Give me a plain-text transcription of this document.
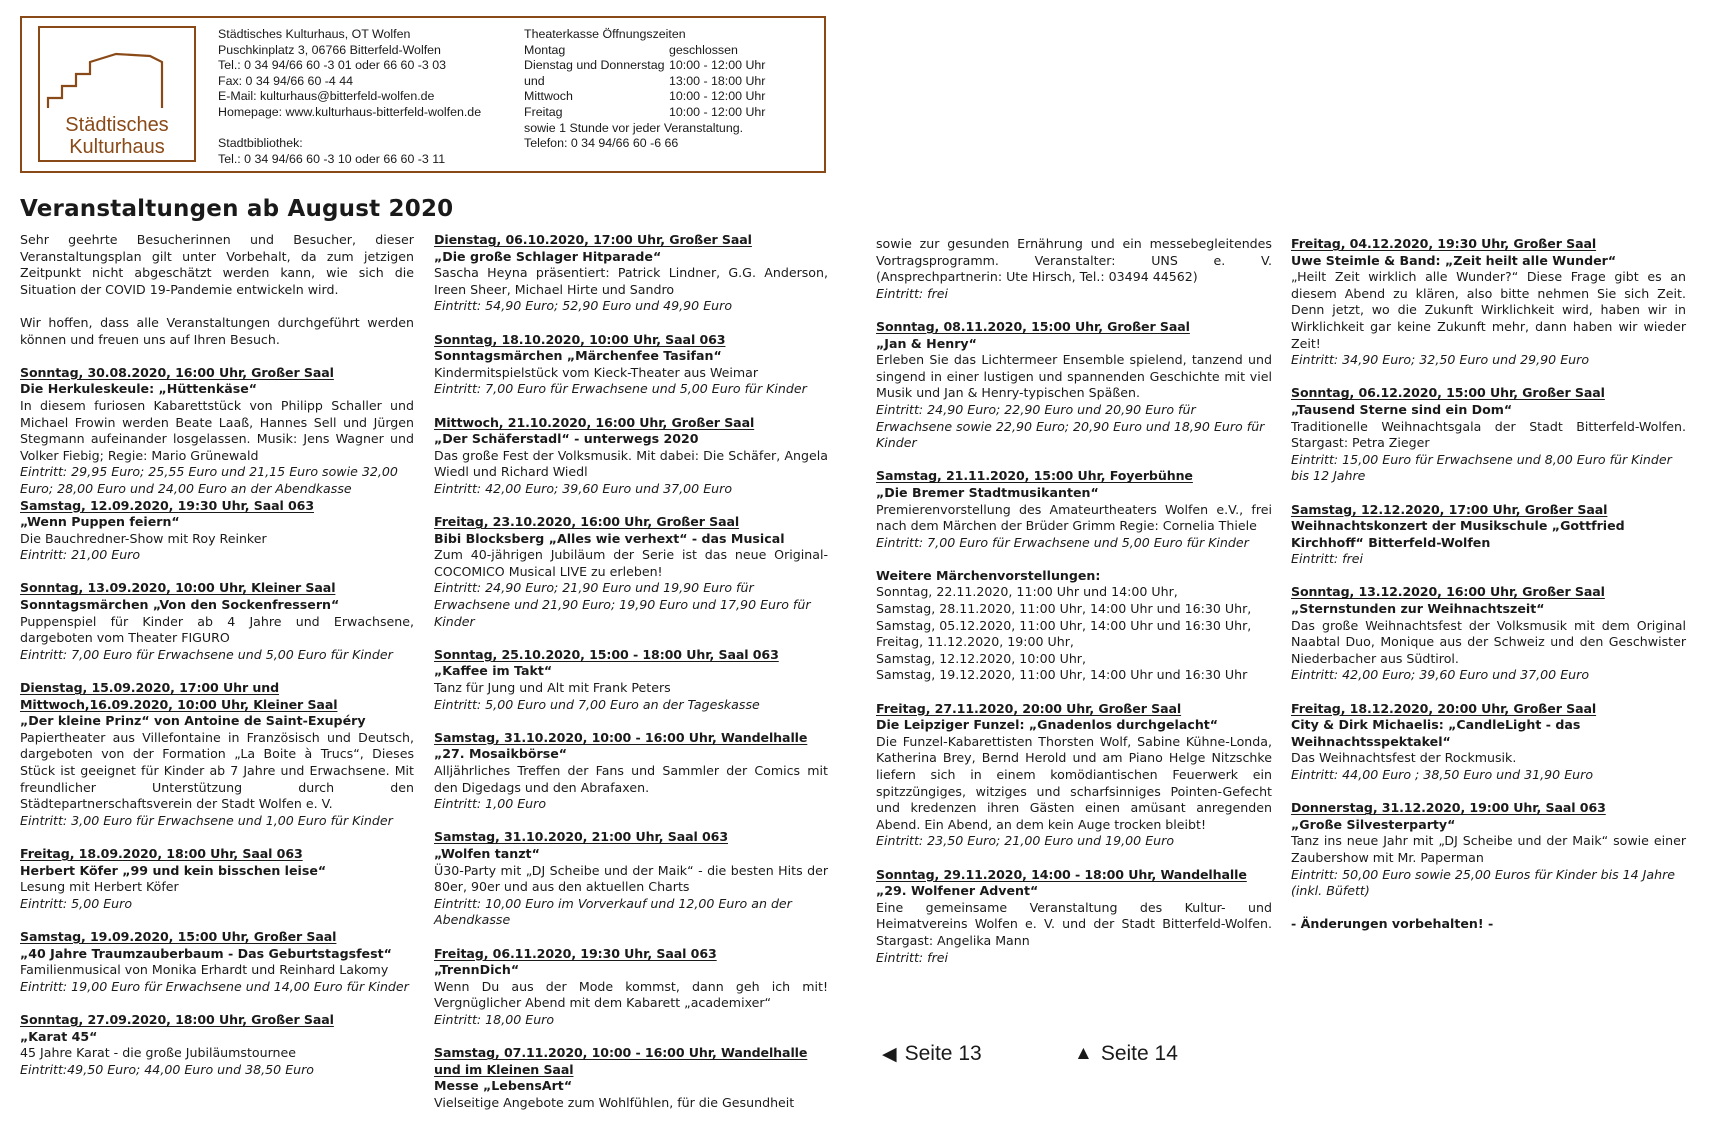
Städtisches
Kulturhaus
Städtisches Kulturhaus, OT Wolfen
Puschkinplatz 3, 06766 Bitterfeld-Wolfen
Tel.: 0 34 94/66 60 -3 01 oder 66 60 -3 03
Fax: 0 34 94/66 60 -4 44
E-Mail: kulturhaus@bitterfeld-wolfen.de
Homepage: www.kulturhaus-bitterfeld-wolfen.de
Stadtbibliothek:
Tel.: 0 34 94/66 60 -3 10 oder 66 60 -3 11
Theaterkasse Öffnungszeiten
Montag	geschlossen
Dienstag und Donnerstag 10:00 - 12:00 Uhr
und	13:00 - 18:00 Uhr
Mittwoch	10:00 - 12:00 Uhr
Freitag	10:00 - 12:00 Uhr
sowie 1 Stunde vor jeder Veranstaltung.
Telefon: 0 34 94/66 60 -6 66
Veranstaltungen ab August 2020

Sehr geehrte Besucherinnen und Besucher, dieser Veranstaltungsplan gilt unter Vorbehalt, da zum jetzigen Zeitpunkt nicht abgeschätzt werden kann, wie sich die Situation der COVID 19-Pandemie entwickeln wird.

Wir hoffen, dass alle Veranstaltungen durchgeführt werden können und freuen uns auf Ihren Besuch.

Sonntag, 30.08.2020, 16:00 Uhr, Großer Saal

Die Herkuleskeule: „Hüttenkäse“

In diesem furiosen Kabarettstück von Philipp Schaller und Michael Frowin werden Beate Laaß, Hannes Sell und Jürgen Stegmann aufeinander losgelassen. Musik: Jens Wagner und Volker Fiebig; Regie: Mario Grünewald

Eintritt: 29,95 Euro; 25,55 Euro und 21,15 Euro sowie 32,00 Euro; 28,00 Euro und 24,00 Euro an der Abendkasse

Samstag, 12.09.2020, 19:30 Uhr, Saal 063

„Wenn Puppen feiern“

Die Bauchredner-Show mit Roy Reinker

Eintritt: 21,00 Euro

Sonntag, 13.09.2020, 10:00 Uhr, Kleiner Saal

Sonntagsmärchen „Von den Sockenfressern“

Puppenspiel für Kinder ab 4 Jahre und Erwachsene, dargeboten vom Theater FIGURO

Eintritt: 7,00 Euro für Erwachsene und 5,00 Euro für Kinder

Dienstag, 15.09.2020, 17:00 Uhr und Mittwoch,16.09.2020, 10:00 Uhr, Kleiner Saal

„Der kleine Prinz“ von Antoine de Saint-Exupéry

Papiertheater aus Villefontaine in Französisch und Deutsch, dargeboten von der Formation „La Boite à Trucs“, Dieses Stück ist geeignet für Kinder ab 7 Jahre und Erwachsene. Mit freundlicher Unterstützung durch den Städtepartnerschaftsverein der Stadt Wolfen e. V.

Eintritt: 3,00 Euro für Erwachsene und 1,00 Euro für Kinder

Freitag, 18.09.2020, 18:00 Uhr, Saal 063

Herbert Köfer „99 und kein bisschen leise“

Lesung mit Herbert Köfer

Eintritt: 5,00 Euro

Samstag, 19.09.2020, 15:00 Uhr, Großer Saal

„40 Jahre Traumzauberbaum - Das Geburtstagsfest“

Familienmusical von Monika Erhardt und Reinhard Lakomy

Eintritt: 19,00 Euro für Erwachsene und 14,00 Euro für Kinder

Sonntag, 27.09.2020, 18:00 Uhr, Großer Saal

„Karat 45“

45 Jahre Karat - die große Jubiläumstournee

Eintritt:49,50 Euro; 44,00 Euro und 38,50 Euro

Dienstag, 06.10.2020, 17:00 Uhr, Großer Saal

„Die große Schlager Hitparade“

Sascha Heyna präsentiert: Patrick Lindner, G.G. Anderson, Ireen Sheer, Michael Hirte und Sandro

Eintritt: 54,90 Euro; 52,90 Euro und 49,90 Euro

Sonntag, 18.10.2020, 10:00 Uhr, Saal 063

Sonntagsmärchen „Märchenfee Tasifan“

Kindermitspielstück vom Kieck-Theater aus Weimar

Eintritt: 7,00 Euro für Erwachsene und 5,00 Euro für Kinder

Mittwoch, 21.10.2020, 16:00 Uhr, Großer Saal

„Der Schäferstadl“ - unterwegs 2020

Das große Fest der Volksmusik. Mit dabei: Die Schäfer, Angela Wiedl und Richard Wiedl

Eintritt: 42,00 Euro; 39,60 Euro und 37,00 Euro

Freitag, 23.10.2020, 16:00 Uhr, Großer Saal

Bibi Blocksberg „Alles wie verhext“ - das Musical

Zum 40-jährigen Jubiläum der Serie ist das neue Original-COCOMICO Musical LIVE zu erleben!

Eintritt: 24,90 Euro; 21,90 Euro und 19,90 Euro für Erwachsene und 21,90 Euro; 19,90 Euro und 17,90 Euro für Kinder

Sonntag, 25.10.2020, 15:00 - 18:00 Uhr, Saal 063

„Kaffee im Takt“

Tanz für Jung und Alt mit Frank Peters

Eintritt: 5,00 Euro und 7,00 Euro an der Tageskasse

Samstag, 31.10.2020, 10:00 - 16:00 Uhr, Wandelhalle

„27. Mosaikbörse“

Alljährliches Treffen der Fans und Sammler der Comics mit den Digedags und den Abrafaxen.

Eintritt: 1,00 Euro

Samstag, 31.10.2020, 21:00 Uhr, Saal 063

„Wolfen tanzt“

Ü30-Party mit „DJ Scheibe und der Maik“ - die besten Hits der 80er, 90er und aus den aktuellen Charts

Eintritt: 10,00 Euro im Vorverkauf und 12,00 Euro an der Abendkasse

Freitag, 06.11.2020, 19:30 Uhr, Saal 063

„TrennDich“

Wenn Du aus der Mode kommst, dann geh ich mit! Vergnüglicher Abend mit dem Kabarett „academixer“

Eintritt: 18,00 Euro

Samstag, 07.11.2020, 10:00 - 16:00 Uhr, Wandelhalle und im Kleinen Saal

Messe „LebensArt“

Vielseitige Angebote zum Wohlfühlen, für die Gesundheit

sowie zur gesunden Ernährung und ein messebegleitendes Vortragsprogramm. Veranstalter: UNS e. V. (Ansprechpartnerin: Ute Hirsch, Tel.: 03494 44562)

Eintritt: frei

Sonntag, 08.11.2020, 15:00 Uhr, Großer Saal

„Jan & Henry“

Erleben Sie das Lichtermeer Ensemble spielend, tanzend und singend in einer lustigen und spannenden Geschichte mit viel Musik und Jan & Henry-typischen Späßen.

Eintritt: 24,90 Euro; 22,90 Euro und 20,90 Euro für Erwachsene sowie 22,90 Euro; 20,90 Euro und 18,90 Euro für Kinder

Samstag, 21.11.2020, 15:00 Uhr, Foyerbühne

„Die Bremer Stadtmusikanten“

Premierenvorstellung des Amateurtheaters Wolfen e.V., frei nach dem Märchen der Brüder Grimm Regie: Cornelia Thiele

Eintritt: 7,00 Euro für Erwachsene und 5,00 Euro für Kinder

Weitere Märchenvorstellungen:

Sonntag, 22.11.2020, 11:00 Uhr und 14:00 Uhr,

Samstag, 28.11.2020, 11:00 Uhr, 14:00 Uhr und 16:30 Uhr,

Samstag, 05.12.2020, 11:00 Uhr, 14:00 Uhr und 16:30 Uhr,

Freitag, 11.12.2020, 19:00 Uhr,

Samstag, 12.12.2020, 10:00 Uhr,

Samstag, 19.12.2020, 11:00 Uhr, 14:00 Uhr und 16:30 Uhr

Freitag, 27.11.2020, 20:00 Uhr, Großer Saal

Die Leipziger Funzel: „Gnadenlos durchgelacht“

Die Funzel-Kabarettisten Thorsten Wolf, Sabine Kühne-Londa, Katherina Brey, Bernd Herold und am Piano Helge Nitzschke liefern sich in einem komödiantischen Feuerwerk ein spitzzüngiges, witziges und scharfsinniges Pointen-Gefecht und kredenzen ihren Gästen einen amüsant anregenden Abend. Ein Abend, an dem kein Auge trocken bleibt!

Eintritt: 23,50 Euro; 21,00 Euro und 19,00 Euro

Sonntag, 29.11.2020, 14:00 - 18:00 Uhr, Wandelhalle

„29. Wolfener Advent“

Eine gemeinsame Veranstaltung des Kultur- und Heimatvereins Wolfen e. V. und der Stadt Bitterfeld-Wolfen. Stargast: Angelika Mann

Eintritt: frei

Freitag, 04.12.2020, 19:30 Uhr, Großer Saal

Uwe Steimle & Band: „Zeit heilt alle Wunder“

„Heilt Zeit wirklich alle Wunder?“ Diese Frage gibt es an diesem Abend zu klären, also bitte nehmen Sie sich Zeit. Denn jetzt, wo die Zukunft Wirklichkeit wird, haben wir in Wirklichkeit gar keine Zukunft mehr, dann haben wir wieder Zeit!

Eintritt: 34,90 Euro; 32,50 Euro und 29,90 Euro

Sonntag, 06.12.2020, 15:00 Uhr, Großer Saal

„Tausend Sterne sind ein Dom“

Traditionelle Weihnachtsgala der Stadt Bitterfeld-Wolfen. Stargast: Petra Zieger

Eintritt: 15,00 Euro für Erwachsene und 8,00 Euro für Kinder bis 12 Jahre

Samstag, 12.12.2020, 17:00 Uhr, Großer Saal

Weihnachtskonzert der Musikschule „Gottfried Kirchhoff“ Bitterfeld-Wolfen

Eintritt: frei

Sonntag, 13.12.2020, 16:00 Uhr, Großer Saal

„Sternstunden zur Weihnachtszeit“

Das große Weihnachtsfest der Volksmusik mit dem Original Naabtal Duo, Monique aus der Schweiz und den Geschwister Niederbacher aus Südtirol.

Eintritt: 42,00 Euro; 39,60 Euro und 37,00 Euro

Freitag, 18.12.2020, 20:00 Uhr, Großer Saal

City & Dirk Michaelis: „CandleLight - das Weihnachtsspektakel“

Das Weihnachtsfest der Rockmusik.

Eintritt: 44,00 Euro ; 38,50 Euro und 31,90 Euro

Donnerstag, 31.12.2020, 19:00 Uhr, Saal 063

„Große Silvesterparty“

Tanz ins neue Jahr mit „DJ Scheibe und der Maik“ sowie einer Zaubershow mit Mr. Paperman

Eintritt: 50,00 Euro sowie 25,00 Euros für Kinder bis 14 Jahre (inkl. Büfett)

- Änderungen vorbehalten! -

◀ Seite 13	▲ Seite 14
